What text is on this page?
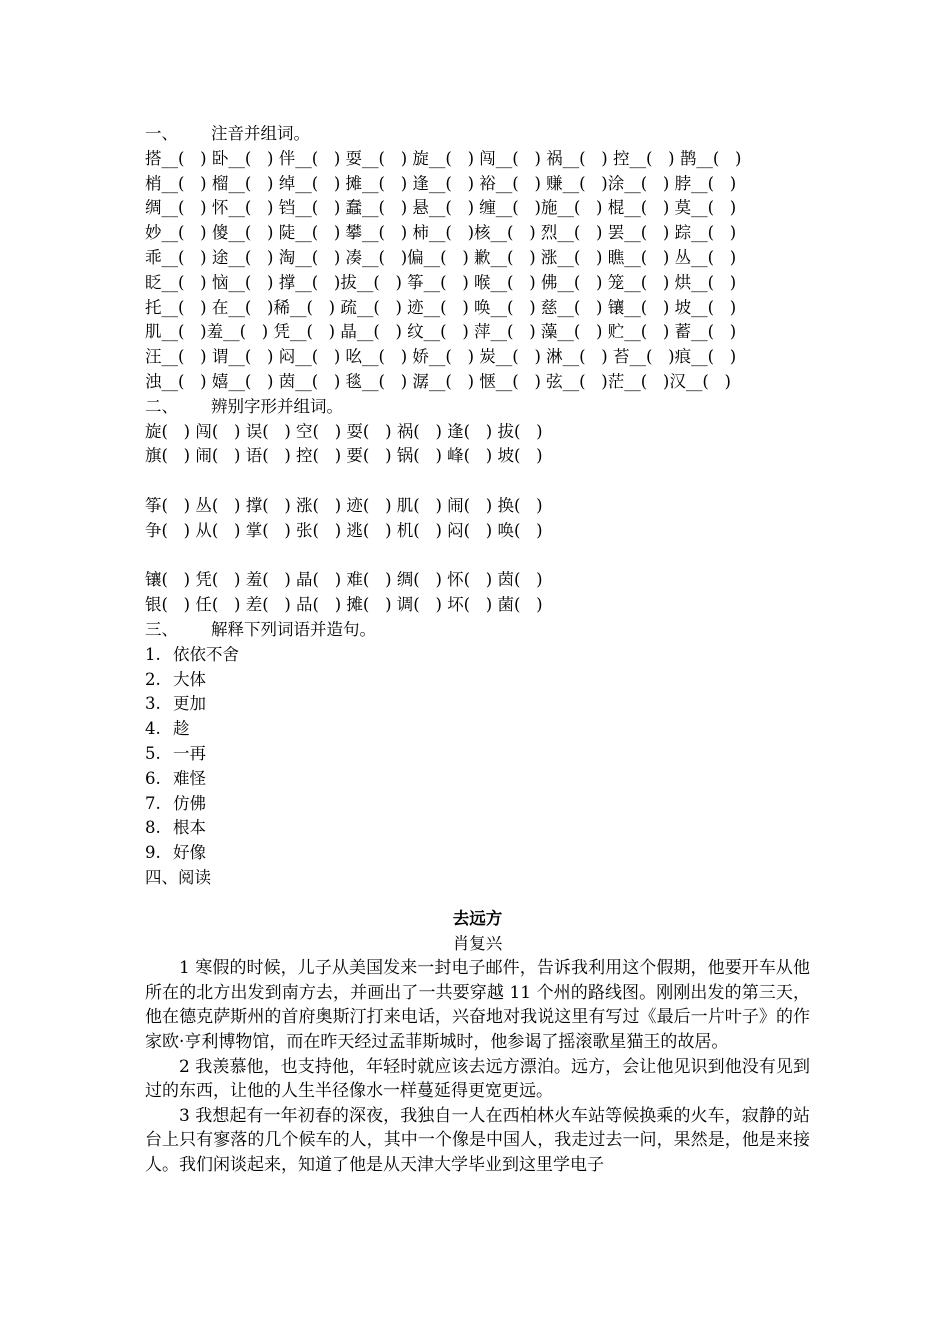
一、 注音并组词。
搭__(   ) 卧__(   ) 伴__(   ) 耍__(   ) 旋__(   ) 闯__(   ) 祸__(   ) 控__(   ) 鹊__(   )
梢__(   ) 榴__(   ) 绰__(   ) 摊__(   ) 逢__(   ) 裕__(   ) 赚__(   )涂__(   ) 脖__(   )
绸__(   ) 怀__(   ) 铛__(   ) 蠢__(   ) 悬__(   ) 缠__(   )施__(   ) 棍__(   ) 莫__(   )
妙__(   ) 傻__(   ) 陡__(   ) 攀__(   ) 柿__(   )核__(   ) 烈__(   ) 罢__(   ) 踪__(   )
乖__(   ) 途__(   ) 淘__(   ) 凑__(   )偏__(   ) 歉__(   ) 涨__(   ) 瞧__(   ) 丛__(   )
眨__(   ) 恼__(   ) 撑__(   )拔__(   ) 筝__(   ) 喉__(   ) 佛__(   ) 笼__(   ) 烘__(   )
托__(   ) 在__(   )稀__(   ) 疏__(   ) 迹__(   ) 唤__(   ) 慈__(   ) 镶__(   ) 坡__(   )
肌__(   )羞__(   ) 凭__(   ) 晶__(   ) 纹__(   ) 萍__(   ) 藻__(   ) 贮__(   ) 蓄__(   )
汪__(   ) 谓__(   ) 闷__(   ) 吆__(   ) 娇__(   ) 炭__(   ) 淋__(   ) 苔__(   )痕__(   )
浊__(   ) 嬉__(   ) 茵__(   ) 毯__(   ) 潺__(   ) 惬__(   ) 弦__(   )茫__(   )汉__(   )
二、 辨别字形并组词。
旋(   ) 闯(   ) 误(   ) 空(   ) 耍(   ) 祸(   ) 逢(   ) 拔(   )
旗(   ) 闹(   ) 语(   ) 控(   ) 要(   ) 锅(   ) 峰(   ) 坡(   )
筝(   ) 丛(   ) 撑(   ) 涨(   ) 迹(   ) 肌(   ) 闹(   ) 换(   )
争(   ) 从(   ) 掌(   ) 张(   ) 逃(   ) 机(   ) 闷(   ) 唤(   )
镶(   ) 凭(   ) 羞(   ) 晶(   ) 难(   ) 绸(   ) 怀(   ) 茵(   )
银(   ) 任(   ) 差(   ) 品(   ) 摊(   ) 调(   ) 坏(   ) 菌(   )
三、 解释下列词语并造句。
1. 依依不舍
2. 大体
3. 更加
4. 趁
5. 一再
6. 难怪
7. 仿佛
8. 根本
9. 好像
四、阅读
去远方
肖复兴

1 寒假的时候，儿子从美国发来一封电子邮件，告诉我利用这个假期，他要开车从他所在的北方出发到南方去，并画出了一共要穿越 11 个州的路线图。刚刚出发的第三天，他在德克萨斯州的首府奥斯汀打来电话，兴奋地对我说这里有写过《最后一片叶子》的作家欧·亨利博物馆，而在昨天经过孟菲斯城时，他参谒了摇滚歌星猫王的故居。

2 我羡慕他，也支持他，年轻时就应该去远方漂泊。远方，会让他见识到他没有见到过的东西，让他的人生半径像水一样蔓延得更宽更远。

3 我想起有一年初春的深夜，我独自一人在西柏林火车站等候换乘的火车，寂静的站台上只有寥落的几个候车的人，其中一个像是中国人，我走过去一问，果然是，他是来接人。我们闲谈起来，知道了他是从天津大学毕业到这里学电子
